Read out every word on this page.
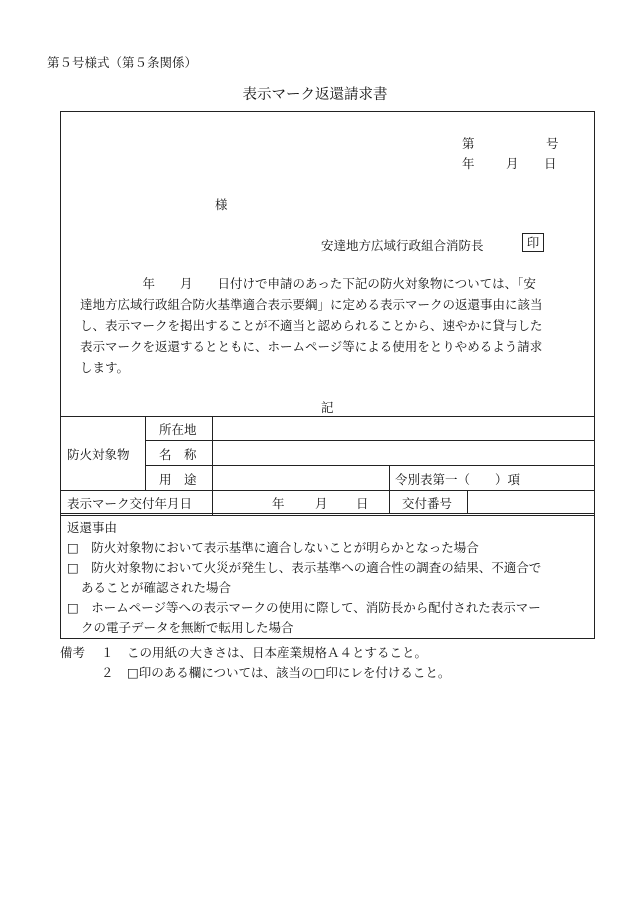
第５号様式（第５条関係）
表示マーク返還請求書
第	号
年	月 日
様
安達地方広域行政組合消防長	印
　　　　　年　　月　　日付けで申請のあった下記の防火対象物については、「安
達地方広域行政組合防火基準適合表示要綱」に定める表示マークの返還事由に該当
し、表示マークを掲出することが不適当と認められることから、速やかに貸与した
表示マークを返還するとともに、ホームページ等による使用をとりやめるよう請求
します。
記
防火対象物
所在地
名　称
用　途	令別表第一（　　）項
表示マーク交付年月日	年 月 日	交付番号
返還事由
□　防火対象物において表示基準に適合しないことが明らかとなった場合
□　防火対象物において火災が発生し、表示基準への適合性の調査の結果、不適合で
あることが確認された場合
□　ホームページ等への表示マークの使用に際して、消防長から配付された表示マー
クの電子データを無断で転用した場合
備考 １ この用紙の大きさは、日本産業規格Ａ４とすること。
２ □印のある欄については、該当の□印にレを付けること。
